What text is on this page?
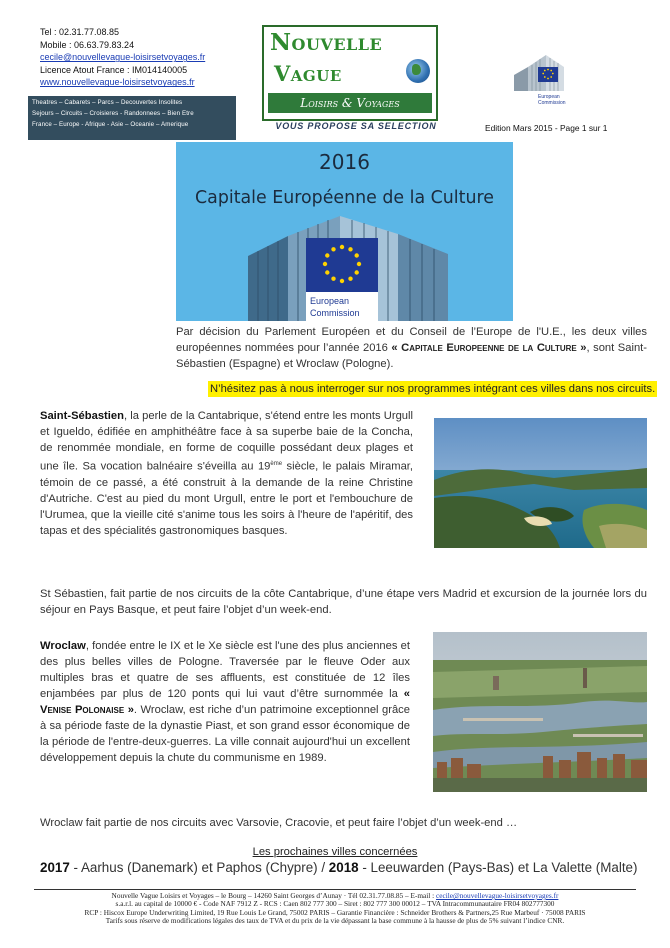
Tel : 02.31.77.08.85
Mobile : 06.63.79.83.24
cecile@nouvellevague-loisirsetvoyages.fr
Licence Atout France : IM014140005
www.nouvellevague-loisirsetvoyages.fr
Theatres – Cabarets – Parcs – Decouvertes Insolites
Sejours – Circuits – Croisieres - Randonnees – Bien Etre
France – Europe - Afrique - Asie – Oceanie – Amerique
Nouvelle
Vague
Loisirs & Voyages
VOUS PROPOSE SA SELECTION
European
Commission
Edition Mars 2015 - Page 1 sur 1
2016
Capitale Européenne de la Culture
European
Commission
Par décision du Parlement Européen et du Conseil de l’Europe de l'U.E., les deux villes européennes nommées pour l’année 2016 « Capitale Europeenne de la Culture », sont Saint-Sébastien (Espagne) et Wroclaw (Pologne).
N’hésitez pas à nous interroger sur nos programmes intégrant ces villes dans nos circuits.
Saint-Sébastien, la perle de la Cantabrique, s'étend entre les monts Urgull et Igueldo, édifiée en amphithéâtre face à sa superbe baie de la Concha, de renommée mondiale, en forme de coquille possédant deux plages et une île. Sa vocation balnéaire s'éveilla au 19ème siècle, le palais Miramar, témoin de ce passé, a été construit à la demande de la reine Christine d'Autriche. C'est au pied du mont Urgull, entre le port et l'embouchure de l'Urumea, que la vieille cité s'anime tous les soirs à l'heure de l'apéritif, des tapas et des spécialités gastronomiques basques.
St Sébastien, fait partie de nos circuits de la côte Cantabrique, d’une étape vers Madrid et excursion de la journée lors du séjour en Pays Basque, et peut faire l’objet d’un week-end.
Wroclaw, fondée entre le IX et le Xe siècle est l'une des plus anciennes et des plus belles villes de Pologne. Traversée par le fleuve Oder aux multiples bras et quatre de ses affluents, est constituée de 12 îles enjambées par plus de 120 ponts qui lui vaut d’être surnommée la « Venise Polonaise ». Wroclaw, est riche d’un patrimoine exceptionnel grâce à sa période faste de la dynastie Piast, et son grand essor économique de la période de l'entre-deux-guerres. La ville connait aujourd'hui un excellent développement depuis la chute du communisme en 1989.
Wroclaw fait partie de nos circuits avec Varsovie, Cracovie, et peut faire l’objet d’un week-end …
Les prochaines villes concernées
2017 - Aarhus (Danemark) et Paphos (Chypre) / 2018 - Leeuwarden (Pays-Bas) et La Valette (Malte)
Nouvelle Vague Loisirs et Voyages – le Bourg – 14260 Saint Georges d’Aunay · Tél 02.31.77.08.85 – E-mail : cecile@nouvellevague-loisirsetvoyages.fr
s.a.r.l. au capital de 10000 € - Code NAF 7912 Z - RCS : Caen 802 777 300 – Siret : 802 777 300 00012 – TVA Intracommunautaire FR04 802777300
RCP : Hiscox Europe Underwriting Limited, 19 Rue Louis Le Grand, 75002 PARIS – Garantie Financière : Schneider Brothers & Partners,25 Rue Marbeuf · 75008 PARIS
Tarifs sous réserve de modifications légales des taux de TVA et du prix de la vie dépassant la base commune à la hausse de plus de 5% suivant l’indice CNR.
